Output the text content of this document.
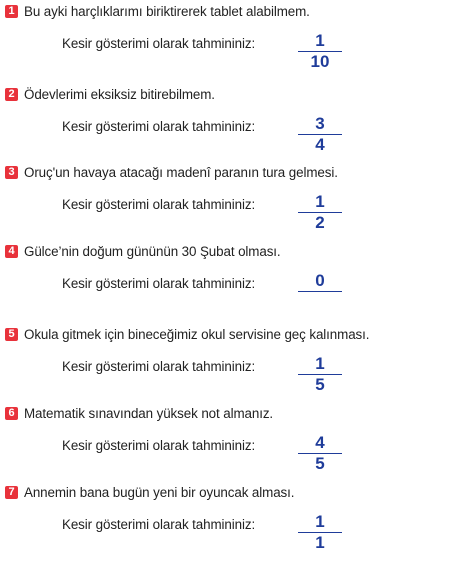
1 Bu ayki harçlıklarımı biriktirerek tablet alabilmem.
Kesir gösterimi olarak tahmininiz:	1
10
2 Ödevlerimi eksiksiz bitirebilmem.
Kesir gösterimi olarak tahmininiz:	3
4
3 Oruç'un havaya atacağı madenî paranın tura gelmesi.
Kesir gösterimi olarak tahmininiz:	1
2
4 Gülce’nin doğum gününün 30 Şubat olması.
Kesir gösterimi olarak tahmininiz:	0
5 Okula gitmek için bineceğimiz okul servisine geç kalınması.
Kesir gösterimi olarak tahmininiz:	1
5
6 Matematik sınavından yüksek not almanız.
Kesir gösterimi olarak tahmininiz:	4
5
7 Annemin bana bugün yeni bir oyuncak alması.
Kesir gösterimi olarak tahmininiz:	1
1
